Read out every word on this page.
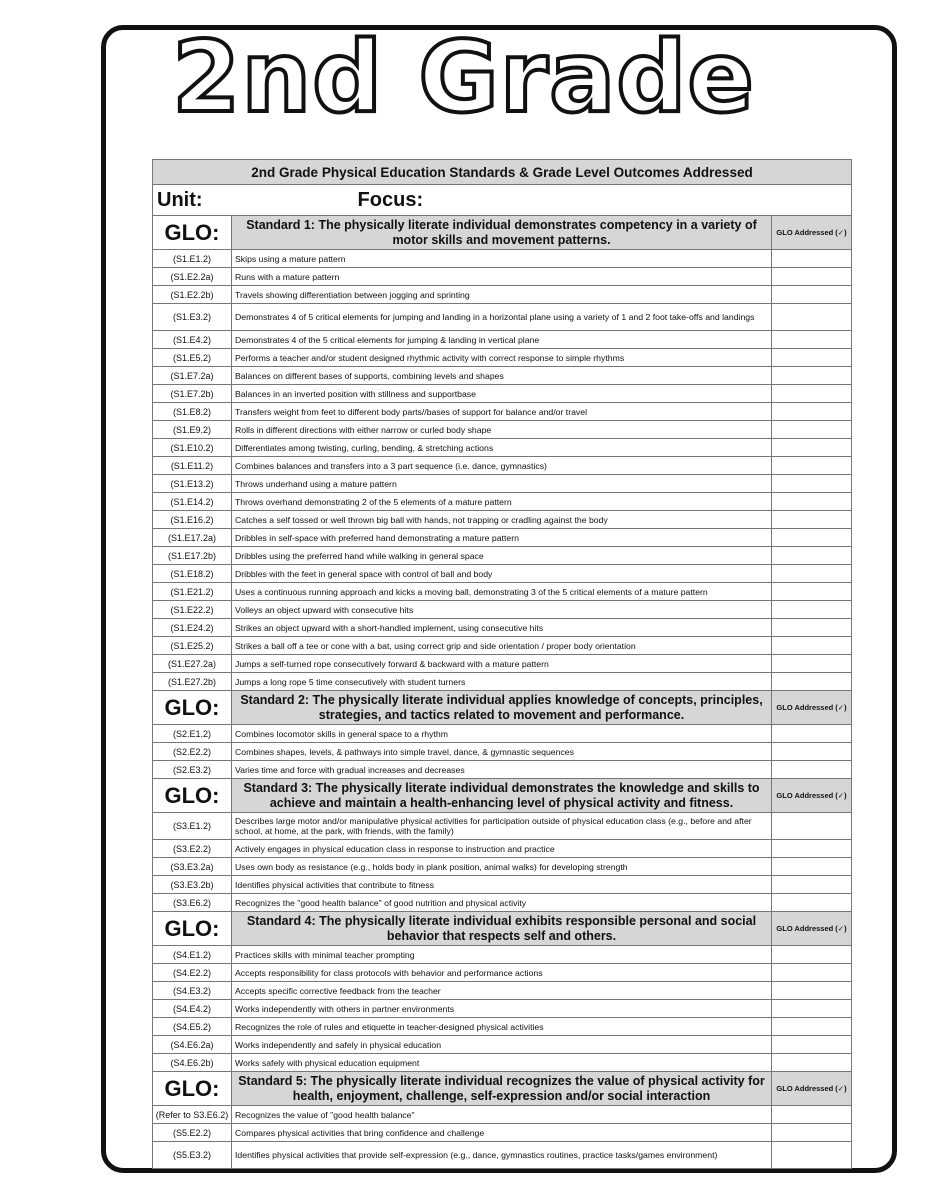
2nd Grade
2nd Grade Physical Education Standards & Grade Level Outcomes Addressed		
Unit: Focus:		
GLO:	Standard 1: The physically literate individual demonstrates competency in a variety of motor skills and movement patterns.	GLO Addressed (✓)
(S1.E1.2)	Skips using a mature pattern	
(S1.E2.2a)	Runs with a mature pattern	
(S1.E2.2b)	Travels showing differentiation between jogging and sprinting	
(S1.E3.2)	Demonstrates 4 of 5 critical elements for jumping and landing in a horizontal plane using a variety of 1 and 2 foot take-offs and landings	
(S1.E4.2)	Demonstrates 4 of the 5 critical elements for jumping & landing in vertical plane	
(S1.E5.2)	Performs a teacher and/or student designed rhythmic activity with correct response to simple rhythms	
(S1.E7.2a)	Balances on different bases of supports, combining levels and shapes	
(S1.E7.2b)	Balances in an inverted position with stillness and supportbase	
(S1.E8.2)	Transfers weight from feet to different body parts//bases of support for balance and/or travel	
(S1.E9.2)	Rolls in different directions with either narrow or curled body shape	
(S1.E10.2)	Differentiates among twisting, curling, bending, & stretching actions	
(S1.E11.2)	Combines balances and transfers into a 3 part sequence (i.e. dance, gymnastics)	
(S1.E13.2)	Throws underhand using a mature pattern	
(S1.E14.2)	Throws overhand demonstrating 2 of the 5 elements of a mature pattern	
(S1.E16.2)	Catches a self tossed or well thrown big ball with hands, not trapping or cradling against the body	
(S1.E17.2a)	Dribbles in self-space with preferred hand demonstrating a mature pattern	
(S1.E17.2b)	Dribbles using the preferred hand while walking in general space	
(S1.E18.2)	Dribbles with the feet in general space with control of ball and body	
(S1.E21.2)	Uses a continuous running approach and kicks a moving ball, demonstrating 3 of the 5 critical elements of a mature pattern	
(S1.E22.2)	Volleys an object upward with consecutive hits	
(S1.E24.2)	Strikes an object upward with a short-handled implement, using consecutive hits	
(S1.E25.2)	Strikes a ball off a tee or cone with a bat, using correct grip and side orientation / proper body orientation	
(S1.E27.2a)	Jumps a self-turned rope consecutively forward & backward with a mature pattern	
(S1.E27.2b)	Jumps a long rope 5 time consecutively with student turners	
GLO:	Standard 2: The physically literate individual applies knowledge of concepts, principles, strategies, and tactics related to movement and performance.	GLO Addressed (✓)
(S2.E1.2)	Combines locomotor skills in general space to a rhythm	
(S2.E2.2)	Combines shapes, levels, & pathways into simple travel, dance, & gymnastic sequences	
(S2.E3.2)	Varies time and force with gradual increases and decreases	
GLO:	Standard 3: The physically literate individual demonstrates the knowledge and skills to achieve and maintain a health-enhancing level of physical activity and fitness.	GLO Addressed (✓)
(S3.E1.2)	Describes large motor and/or manipulative physical activities for participation outside of physical education class (e.g., before and after school, at home, at the park, with friends, with the family)	
(S3.E2.2)	Actively engages in physical education class in response to instruction and practice	
(S3.E3.2a)	Uses own body as resistance (e.g., holds body in plank position, animal walks) for developing strength	
(S3.E3.2b)	Identifies physical activities that contribute to fitness	
(S3.E6.2)	Recognizes the "good health balance" of good nutrition and physical activity	
GLO:	Standard 4: The physically literate individual exhibits responsible personal and social behavior that respects self and others.	GLO Addressed (✓)
(S4.E1.2)	Practices skills with minimal teacher prompting	
(S4.E2.2)	Accepts responsibility for class protocols with behavior and performance actions	
(S4.E3.2)	Accepts specific corrective feedback from the teacher	
(S4.E4.2)	Works independently with others in partner environments	
(S4.E5.2)	Recognizes the role of rules and etiquette in teacher-designed physical activities	
(S4.E6.2a)	Works independently and safely in physical education	
(S4.E6.2b)	Works safely with physical education equipment	
GLO:	Standard 5: The physically literate individual recognizes the value of physical activity for health, enjoyment, challenge, self-expression and/or social interaction	GLO Addressed (✓)
(Refer to S3.E6.2)	Recognizes the value of "good health balance"	
(S5.E2.2)	Compares physical activities that bring confidence and challenge	
(S5.E3.2)	Identifies physical activities that provide self-expression (e.g., dance, gymnastics routines, practice tasks/games environment)	
